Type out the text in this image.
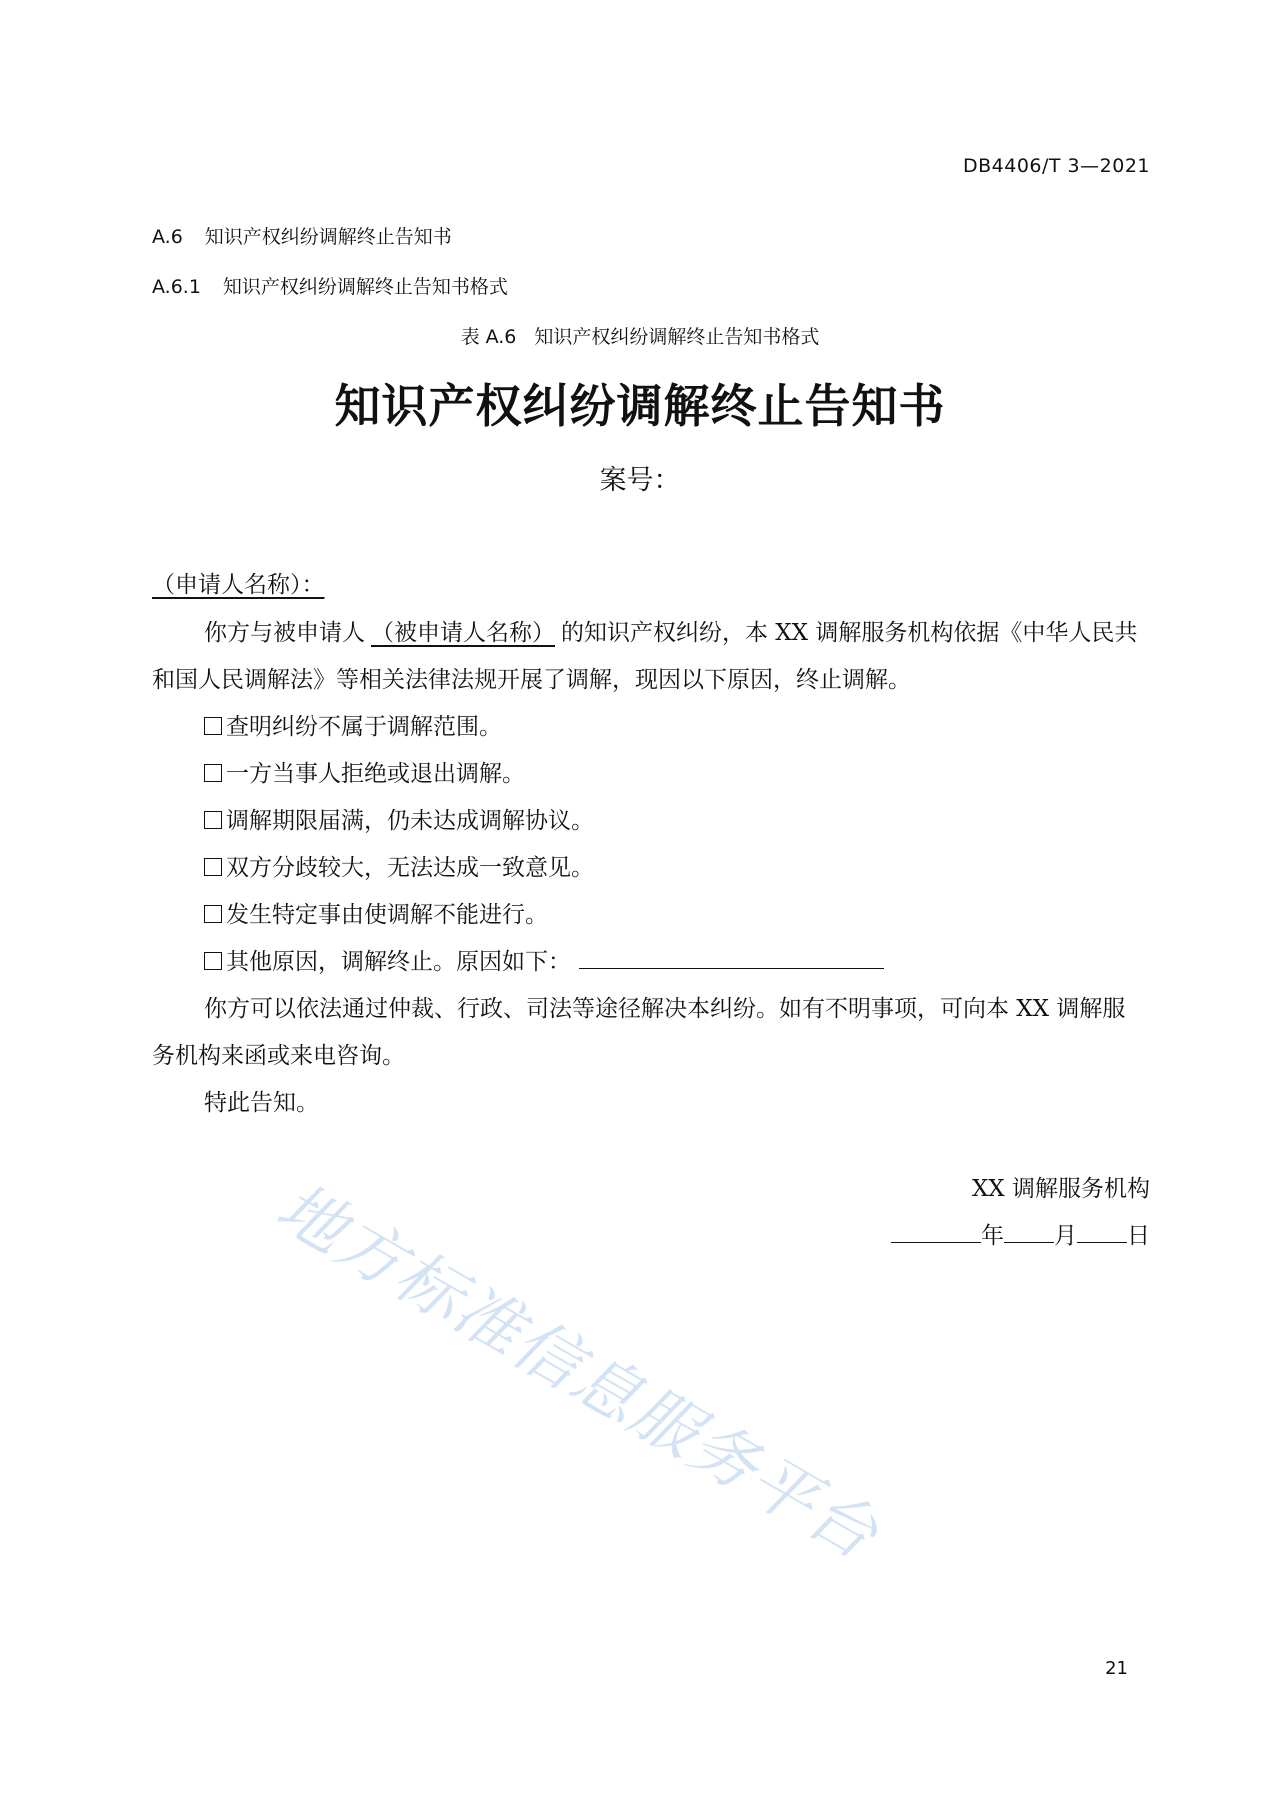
DB4406/T 3—2021
A.6 知识产权纠纷调解终止告知书
A.6.1 知识产权纠纷调解终止告知书格式
表 A.6 知识产权纠纷调解终止告知书格式
知识产权纠纷调解终止告知书
案号：
（申请人名称）：
你方与被申请人 （被申请人名称） 的知识产权纠纷，本 XX 调解服务机构依据《中华人民共和国人民调解法》等相关法律法规开展了调解，现因以下原因，终止调解。
查明纠纷不属于调解范围。
一方当事人拒绝或退出调解。
调解期限届满，仍未达成调解协议。
双方分歧较大，无法达成一致意见。
发生特定事由使调解不能进行。
其他原因，调解终止。原因如下：
你方可以依法通过仲裁、行政、司法等途径解决本纠纷。如有不明事项，可向本 XX 调解服务机构来函或来电咨询。
特此告知。
XX 调解服务机构
年 月 日
21
地方标准信息服务平台
